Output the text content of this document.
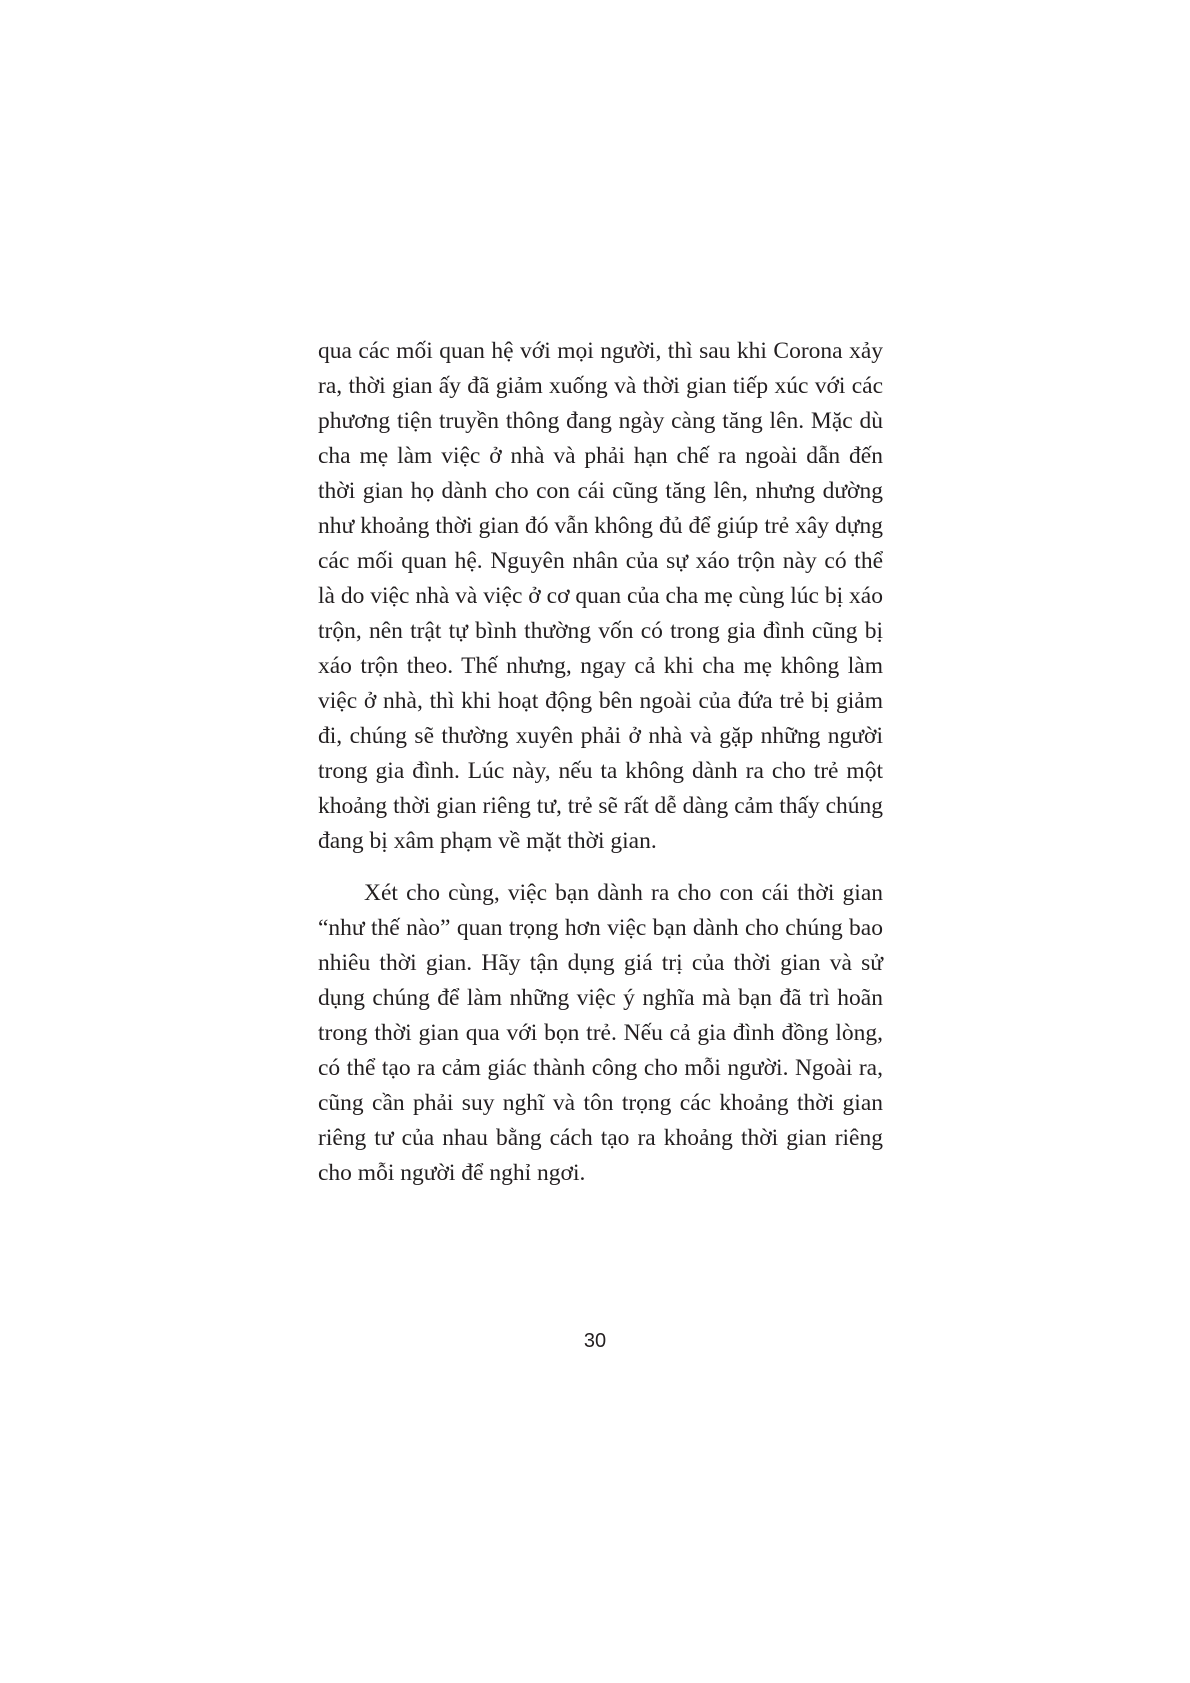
qua các mối quan hệ với mọi người, thì sau khi Corona xảy ra, thời gian ấy đã giảm xuống và thời gian tiếp xúc với các phương tiện truyền thông đang ngày càng tăng lên. Mặc dù cha mẹ làm việc ở nhà và phải hạn chế ra ngoài dẫn đến thời gian họ dành cho con cái cũng tăng lên, nhưng dường như khoảng thời gian đó vẫn không đủ để giúp trẻ xây dựng các mối quan hệ. Nguyên nhân của sự xáo trộn này có thể là do việc nhà và việc ở cơ quan của cha mẹ cùng lúc bị xáo trộn, nên trật tự bình thường vốn có trong gia đình cũng bị xáo trộn theo. Thế nhưng, ngay cả khi cha mẹ không làm việc ở nhà, thì khi hoạt động bên ngoài của đứa trẻ bị giảm đi, chúng sẽ thường xuyên phải ở nhà và gặp những người trong gia đình. Lúc này, nếu ta không dành ra cho trẻ một khoảng thời gian riêng tư, trẻ sẽ rất dễ dàng cảm thấy chúng đang bị xâm phạm về mặt thời gian.

Xét cho cùng, việc bạn dành ra cho con cái thời gian “như thế nào” quan trọng hơn việc bạn dành cho chúng bao nhiêu thời gian. Hãy tận dụng giá trị của thời gian và sử dụng chúng để làm những việc ý nghĩa mà bạn đã trì hoãn trong thời gian qua với bọn trẻ. Nếu cả gia đình đồng lòng, có thể tạo ra cảm giác thành công cho mỗi người. Ngoài ra, cũng cần phải suy nghĩ và tôn trọng các khoảng thời gian riêng tư của nhau bằng cách tạo ra khoảng thời gian riêng cho mỗi người để nghỉ ngơi.

30
